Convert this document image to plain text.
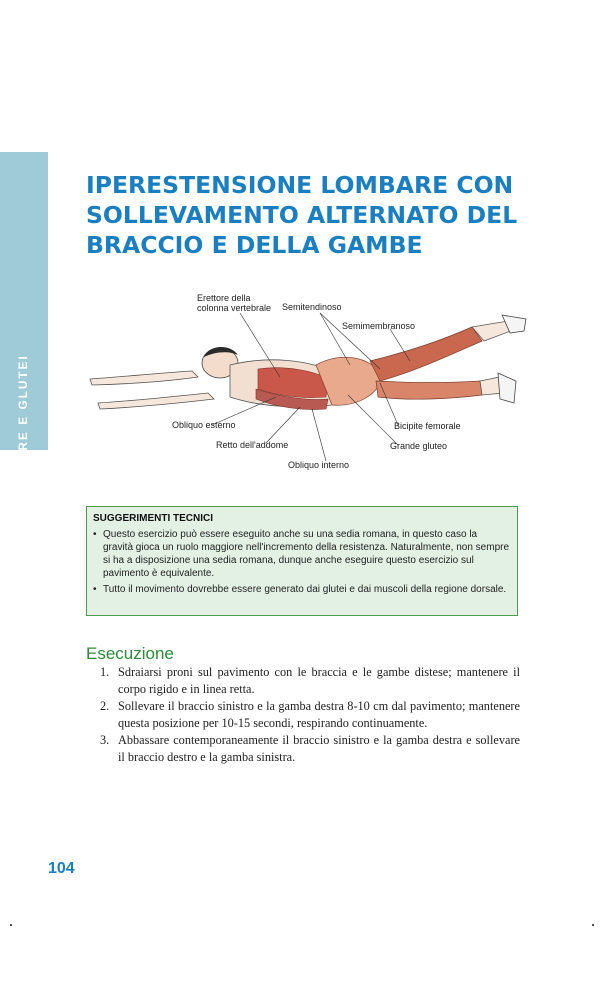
ZONA LOMBARE E GLUTEI
IPERESTENSIONE LOMBARE CON
SOLLEVAMENTO ALTERNATO DEL
BRACCIO E DELLA GAMBE
Erettore della
colonna vertebrale Semitendinoso
Semimembranoso
Obliquo esterno
Retto dell'addome
Obliquo interno
Bicipite femorale
Grande gluteo
SUGGERIMENTI TECNICI
• Questo esercizio può essere eseguito anche su una sedia romana, in questo caso la gravità gioca un ruolo maggiore nell'incremento della resistenza. Naturalmente, non sempre si ha a disposizione una sedia romana, dunque anche eseguire questo esercizio sul pavimento è equivalente.
• Tutto il movimento dovrebbe essere generato dai glutei e dai muscoli della regione dorsale.
Esecuzione
1. Sdraiarsi proni sul pavimento con le braccia e le gambe distese; mantenere il corpo rigido e in linea retta.
2. Sollevare il braccio sinistro e la gamba destra 8-10 cm dal pavimento; mantenere questa posizione per 10-15 secondi, respirando continuamente.
3. Abbassare contemporaneamente il braccio sinistro e la gamba destra e sollevare il braccio destro e la gamba sinistra.
104
